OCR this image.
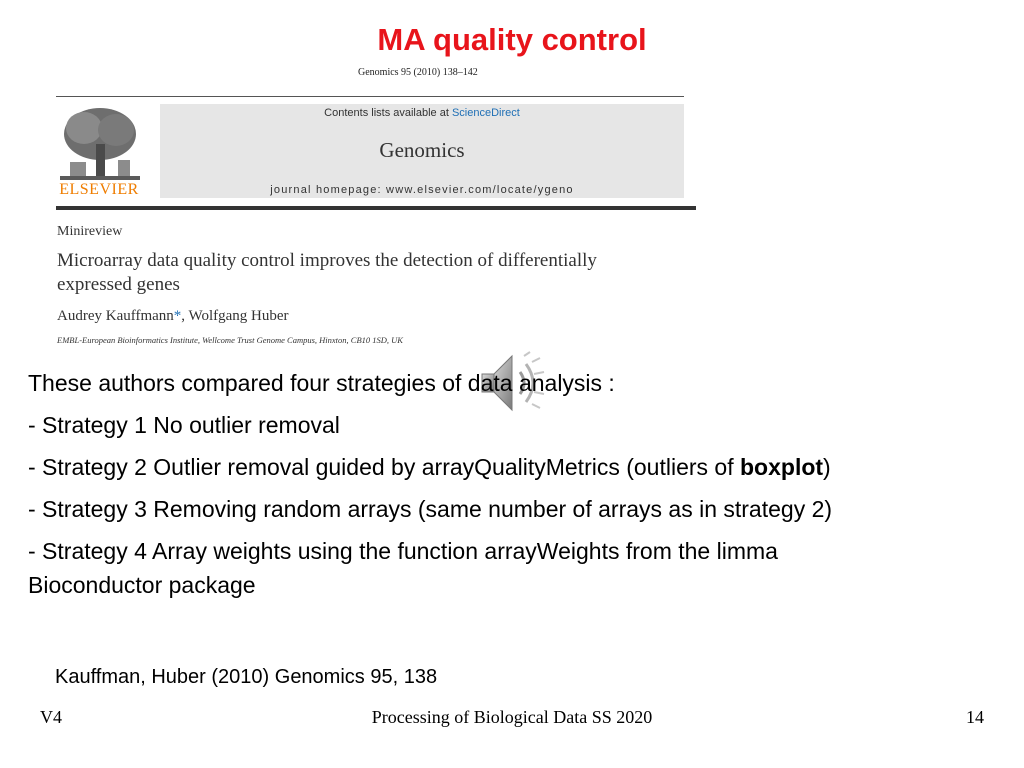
MA quality control
Genomics 95 (2010) 138–142
ELSEVIER
Contents lists available at ScienceDirect
Genomics
journal homepage: www.elsevier.com/locate/ygeno
Minireview
Microarray data quality control improves the detection of differentially
expressed genes
Audrey Kauffmann*, Wolfgang Huber
EMBL-European Bioinformatics Institute, Wellcome Trust Genome Campus, Hinxton, CB10 1SD, UK
These authors compared four strategies of data analysis :
- Strategy 1 No outlier removal
- Strategy 2 Outlier removal guided by arrayQualityMetrics (outliers of boxplot)
- Strategy 3 Removing random arrays (same number of arrays as in strategy 2)
- Strategy 4 Array weights using the function arrayWeights from the limma
Bioconductor package
Kauffman, Huber (2010) Genomics 95, 138
V4	Processing of Biological Data SS 2020	14
